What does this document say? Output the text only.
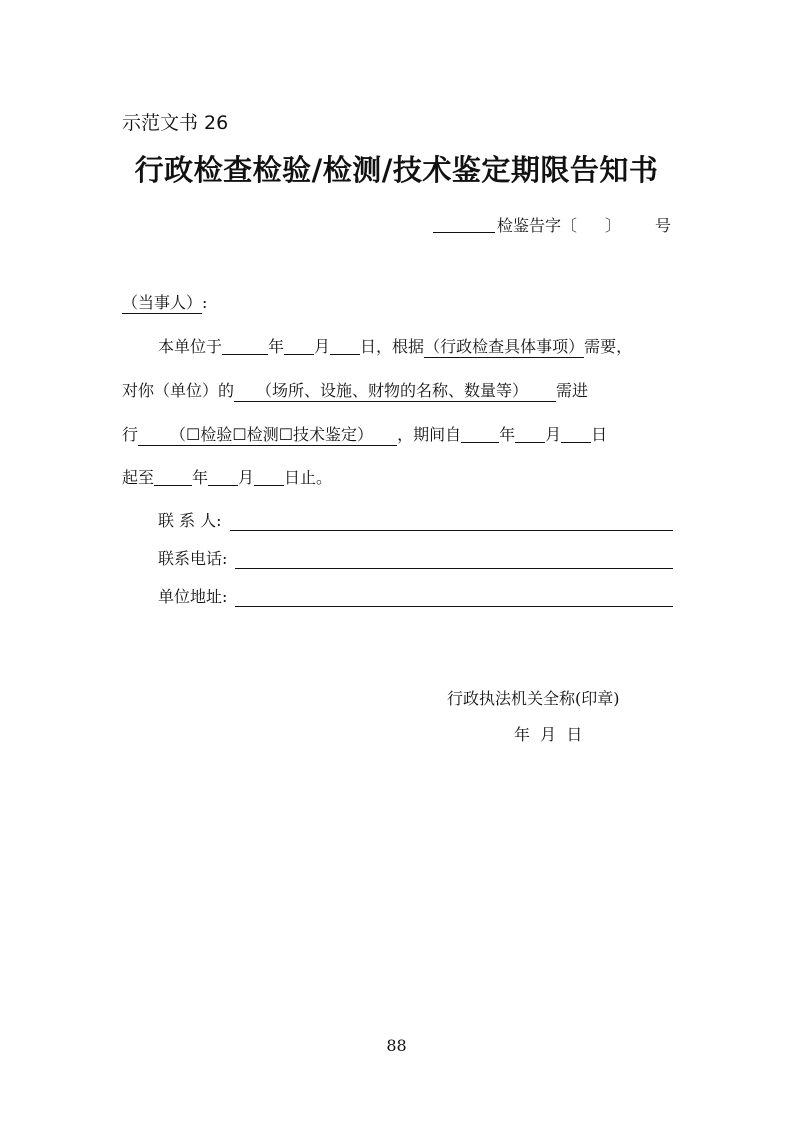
示范文书 26
行政检查检验/检测/技术鉴定期限告知书
检鉴告字〔 〕 号
（当事人）:
本单位于	年 月 日，根据（行政检查具体事项）需要，
对你（单位）的 （场所、设施、财物的名称、数量等） 需进
行 （☐检验☐检测☐技术鉴定） ，期间自 年 月 日
起至 年 月 日止。
联 系 人:
联系电话:
单位地址:
行政执法机关全称(印章)
年  月  日
88
